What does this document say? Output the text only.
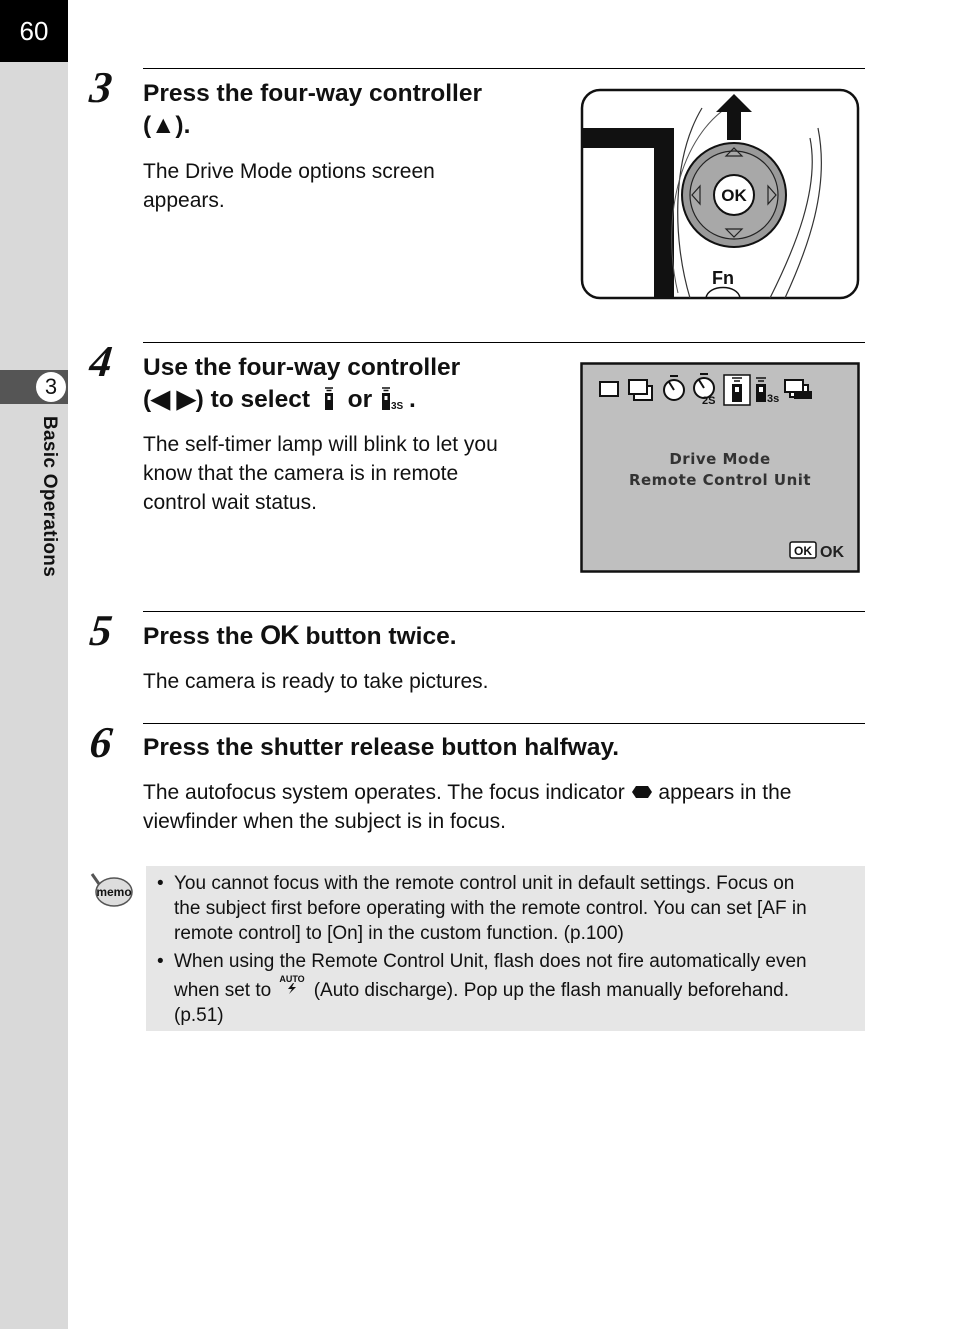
60
3
Basic Operations
3 Press the four-way controller
(▲).
The Drive Mode options screen
appears.	OK
Fn
4 Use the four-way controller
(◀ ▶) to select or 3S .
The self-timer lamp will blink to let you
know that the camera is in remote
control wait status.
2S	3s
Drive Mode
Remote Control Unit
OK OK
5 Press the OK button twice.
The camera is ready to take pictures.
6 Press the shutter release button halfway.
The autofocus system operates. The focus indicator appears in the
viewfinder when the subject is in focus.
memo
• You cannot focus with the remote control unit in default settings. Focus on
the subject first before operating with the remote control. You can set [AF in
remote control] to [On] in the custom function. (p.100)
• When using the Remote Control Unit, flash does not fire automatically even
when set to
AUTO
(Auto discharge). Pop up the flash manually beforehand.
(p.51)
